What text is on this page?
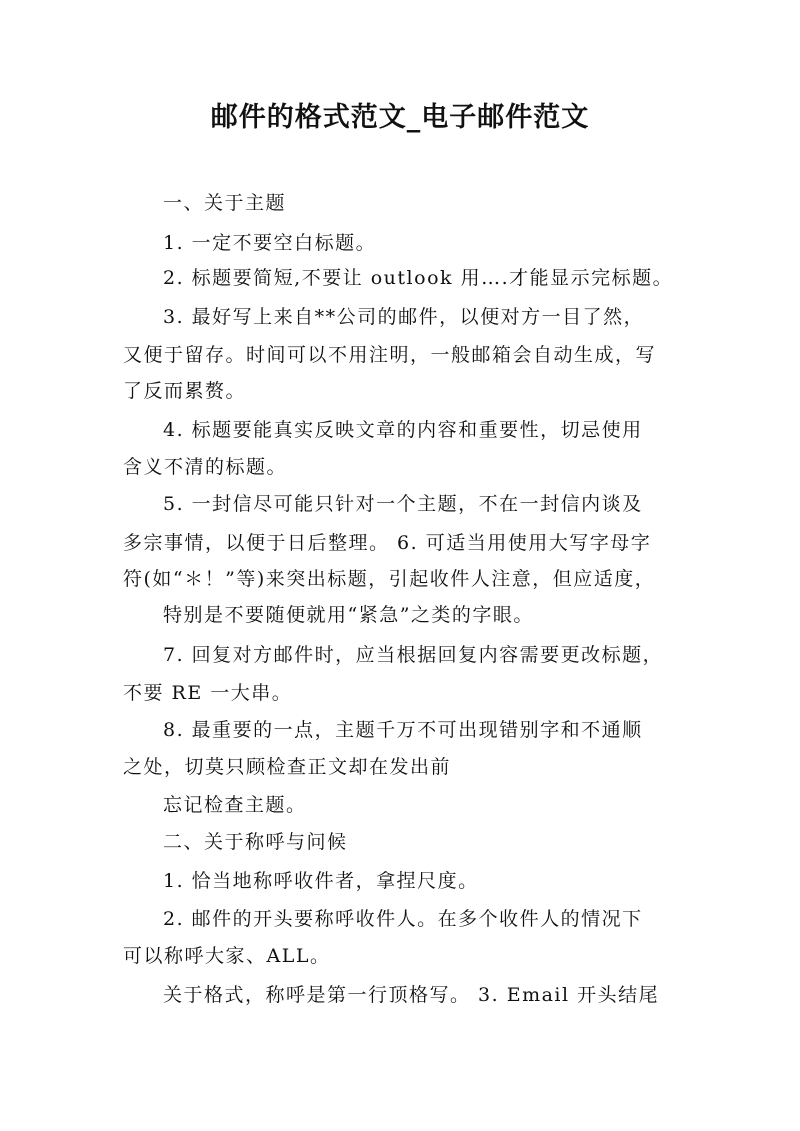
邮件的格式范文_电子邮件范文
一、关于主题
1. 一定不要空白标题。
2. 标题要简短,不要让 outlook 用….才能显示完标题。
3. 最好写上来自**公司的邮件，以便对方一目了然，
又便于留存。时间可以不用注明，一般邮箱会自动生成，写
了反而累赘。
4. 标题要能真实反映文章的内容和重要性，切忌使用
含义不清的标题。
5. 一封信尽可能只针对一个主题，不在一封信内谈及
多宗事情，以便于日后整理。 6. 可适当用使用大写字母字
符(如“＊！”等)来突出标题，引起收件人注意，但应适度，
特别是不要随便就用“紧急”之类的字眼。
7. 回复对方邮件时，应当根据回复内容需要更改标题，
不要 RE 一大串。
8. 最重要的一点，主题千万不可出现错别字和不通顺
之处，切莫只顾检查正文却在发出前
忘记检查主题。
二、关于称呼与问候
1. 恰当地称呼收件者，拿捏尺度。
2. 邮件的开头要称呼收件人。在多个收件人的情况下
可以称呼大家、ALL。
关于格式，称呼是第一行顶格写。 3. Email 开头结尾
